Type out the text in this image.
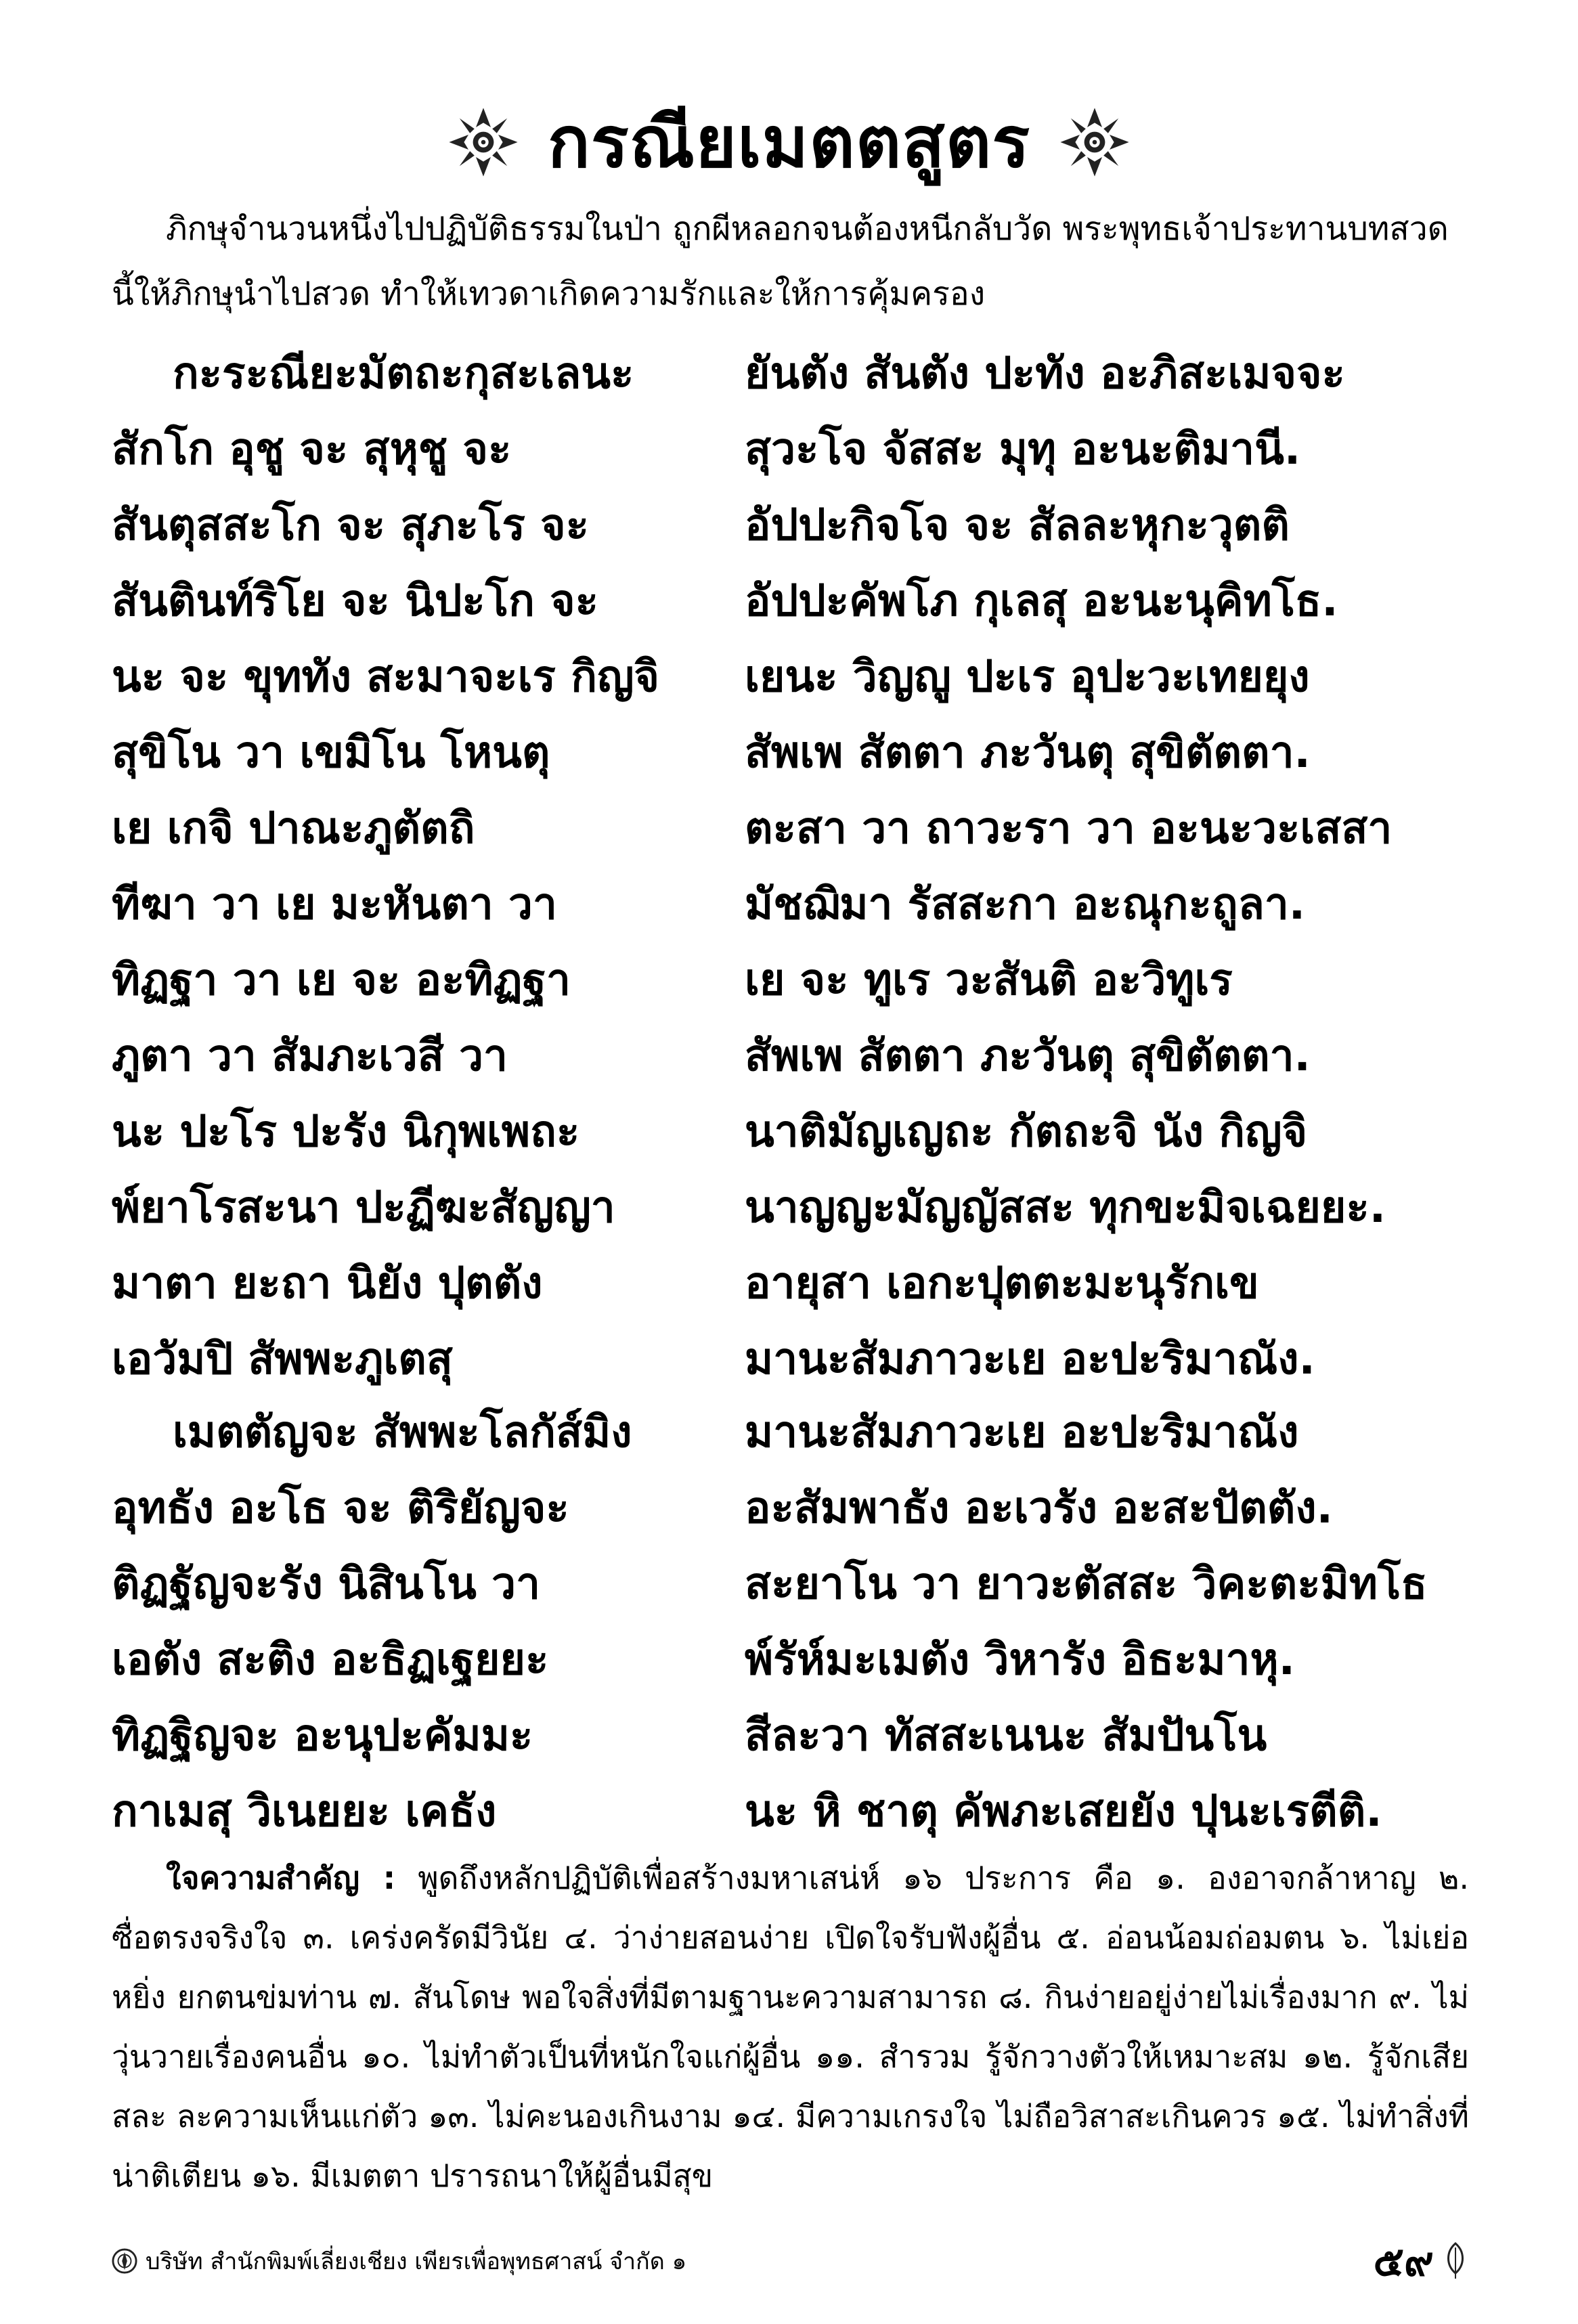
กรณียเมตตสูตร

ภิกษุจำนวนหนึ่งไปปฏิบัติธรรมในป่า ถูกผีหลอกจนต้องหนีกลับวัด พระพุทธเจ้าประทานบทสวดนี้ให้ภิกษุนำไปสวด ทำให้เทวดาเกิดความรักและให้การคุ้มครอง

กะระณียะมัตถะกุสะเลนะ	ยันตัง สันตัง ปะทัง อะภิสะเมจจะ
สักโก อุชู จะ สุหุชู จะ	สุวะโจ จัสสะ มุทุ อะนะติมานี.
สันตุสสะโก จะ สุภะโร จะ	อัปปะกิจโจ จะ สัลละหุกะวุตติ
สันตินท์ริโย จะ นิปะโก จะ	อัปปะคัพโภ กุเลสุ อะนะนุคิทโธ.
นะ จะ ขุททัง สะมาจะเร กิญจิ	เยนะ วิญญู ปะเร อุปะวะเทยยุง
สุขิโน วา เขมิโน โหนตุ	สัพเพ สัตตา ภะวันตุ สุขิตัตตา.
เย เกจิ ปาณะภูตัตถิ	ตะสา วา ถาวะรา วา อะนะวะเสสา
ทีฆา วา เย มะหันตา วา	มัชฌิมา รัสสะกา อะณุกะถูลา.
ทิฏฐา วา เย จะ อะทิฏฐา	เย จะ ทูเร วะสันติ อะวิทูเร
ภูตา วา สัมภะเวสี วา	สัพเพ สัตตา ภะวันตุ สุขิตัตตา.
นะ ปะโร ปะรัง นิกุพเพถะ	นาติมัญเญถะ กัตถะจิ นัง กิญจิ
พ์ยาโรสะนา ปะฏีฆะสัญญา	นาญญะมัญญัสสะ ทุกขะมิจเฉยยะ.
มาตา ยะถา นิยัง ปุตตัง	อายุสา เอกะปุตตะมะนุรักเข
เอวัมปิ สัพพะภูเตสุ	มานะสัมภาวะเย อะปะริมาณัง.
เมตตัญจะ สัพพะโลกัส์มิง	มานะสัมภาวะเย อะปะริมาณัง
อุทธัง อะโธ จะ ติริยัญจะ	อะสัมพาธัง อะเวรัง อะสะปัตตัง.
ติฏฐัญจะรัง นิสินโน วา	สะยาโน วา ยาวะตัสสะ วิคะตะมิทโธ
เอตัง สะติง อะธิฏเฐยยะ	พ์รัห์มะเมตัง วิหารัง อิธะมาหุ.
ทิฏฐิญจะ อะนุปะคัมมะ	สีละวา ทัสสะเนนะ สัมปันโน
กาเมสุ วิเนยยะ เคธัง	นะ หิ ชาตุ คัพภะเสยยัง ปุนะเรตีติ.

ใจความสำคัญ : พูดถึงหลักปฏิบัติเพื่อสร้างมหาเสน่ห์ ๑๖ ประการ คือ ๑. องอาจกล้าหาญ ๒. ซื่อตรงจริงใจ ๓. เคร่งครัดมีวินัย ๔. ว่าง่ายสอนง่าย เปิดใจรับฟังผู้อื่น ๕. อ่อนน้อมถ่อมตน ๖. ไม่เย่อหยิ่ง ยกตนข่มท่าน ๗. สันโดษ พอใจสิ่งที่มีตามฐานะความสามารถ ๘. กินง่ายอยู่ง่ายไม่เรื่องมาก ๙. ไม่วุ่นวายเรื่องคนอื่น ๑๐. ไม่ทำตัวเป็นที่หนักใจแก่ผู้อื่น ๑๑. สำรวม รู้จักวางตัวให้เหมาะสม ๑๒. รู้จักเสียสละ ละความเห็นแก่ตัว ๑๓. ไม่คะนองเกินงาม ๑๔. มีความเกรงใจ ไม่ถือวิสาสะเกินควร ๑๕. ไม่ทำสิ่งที่น่าติเตียน ๑๖. มีเมตตา ปรารถนาให้ผู้อื่นมีสุข

บริษัท สำนักพิมพ์เลี่ยงเชียง เพียรเพื่อพุทธศาสน์ จำกัด ๑	๕๙
